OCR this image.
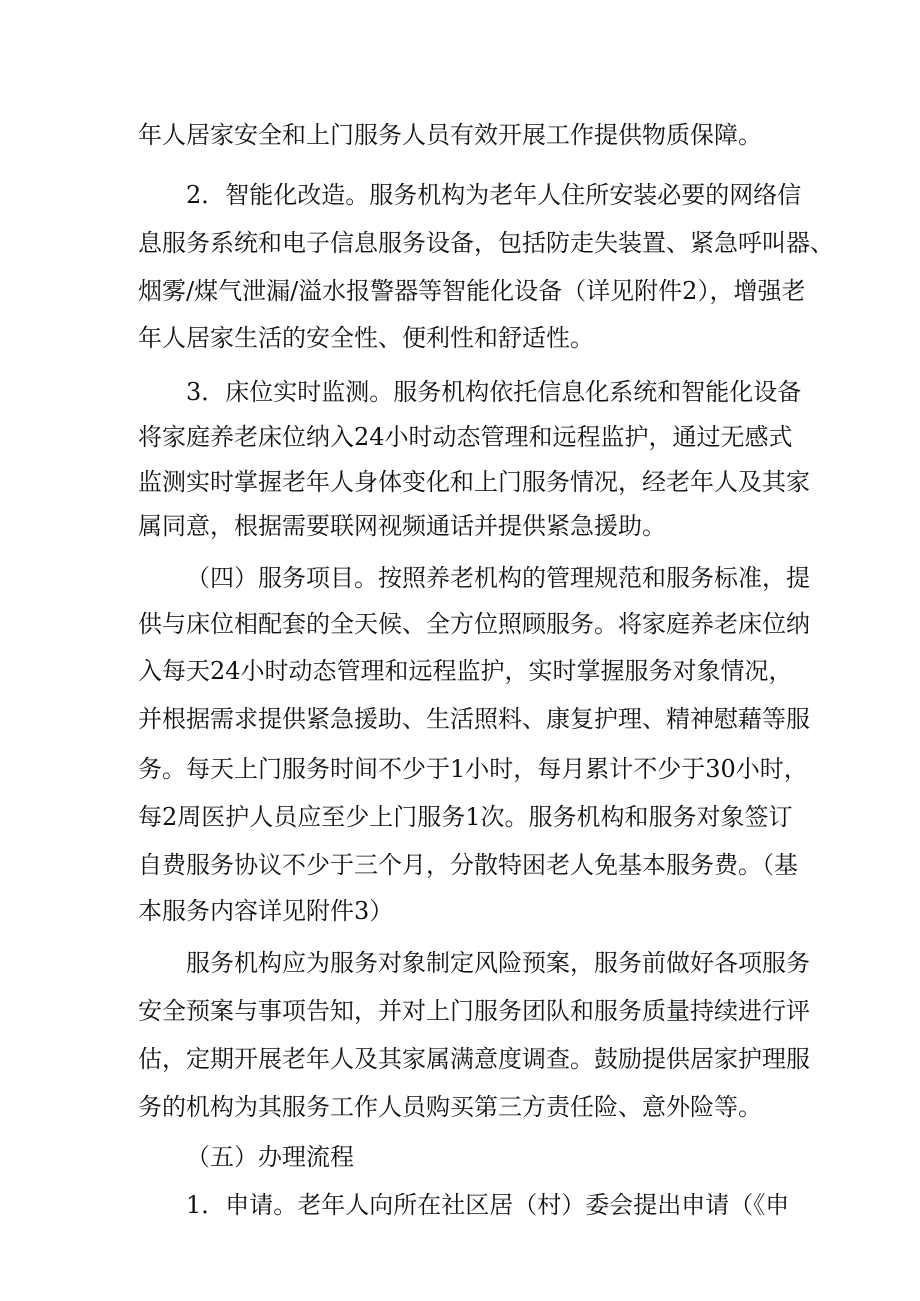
年人居家安全和上门服务人员有效开展工作提供物质保障。
2．智能化改造。服务机构为老年人住所安装必要的网络信
息服务系统和电子信息服务设备，包括防走失装置、紧急呼叫器、
烟雾/煤气泄漏/溢水报警器等智能化设备（详见附件2），增强老
年人居家生活的安全性、便利性和舒适性。
3．床位实时监测。服务机构依托信息化系统和智能化设备
将家庭养老床位纳入24小时动态管理和远程监护，通过无感式
监测实时掌握老年人身体变化和上门服务情况，经老年人及其家
属同意，根据需要联网视频通话并提供紧急援助。
（四）服务项目。按照养老机构的管理规范和服务标准，提
供与床位相配套的全天候、全方位照顾服务。将家庭养老床位纳
入每天24小时动态管理和远程监护，实时掌握服务对象情况，
并根据需求提供紧急援助、生活照料、康复护理、精神慰藉等服
务。每天上门服务时间不少于1小时，每月累计不少于30小时，
每2周医护人员应至少上门服务1次。服务机构和服务对象签订
自费服务协议不少于三个月，分散特困老人免基本服务费。（基
本服务内容详见附件3）
服务机构应为服务对象制定风险预案，服务前做好各项服务
安全预案与事项告知，并对上门服务团队和服务质量持续进行评
估，定期开展老年人及其家属满意度调查。鼓励提供居家护理服
务的机构为其服务工作人员购买第三方责任险、意外险等。
（五）办理流程
1．申请。老年人向所在社区居（村）委会提出申请（《申
